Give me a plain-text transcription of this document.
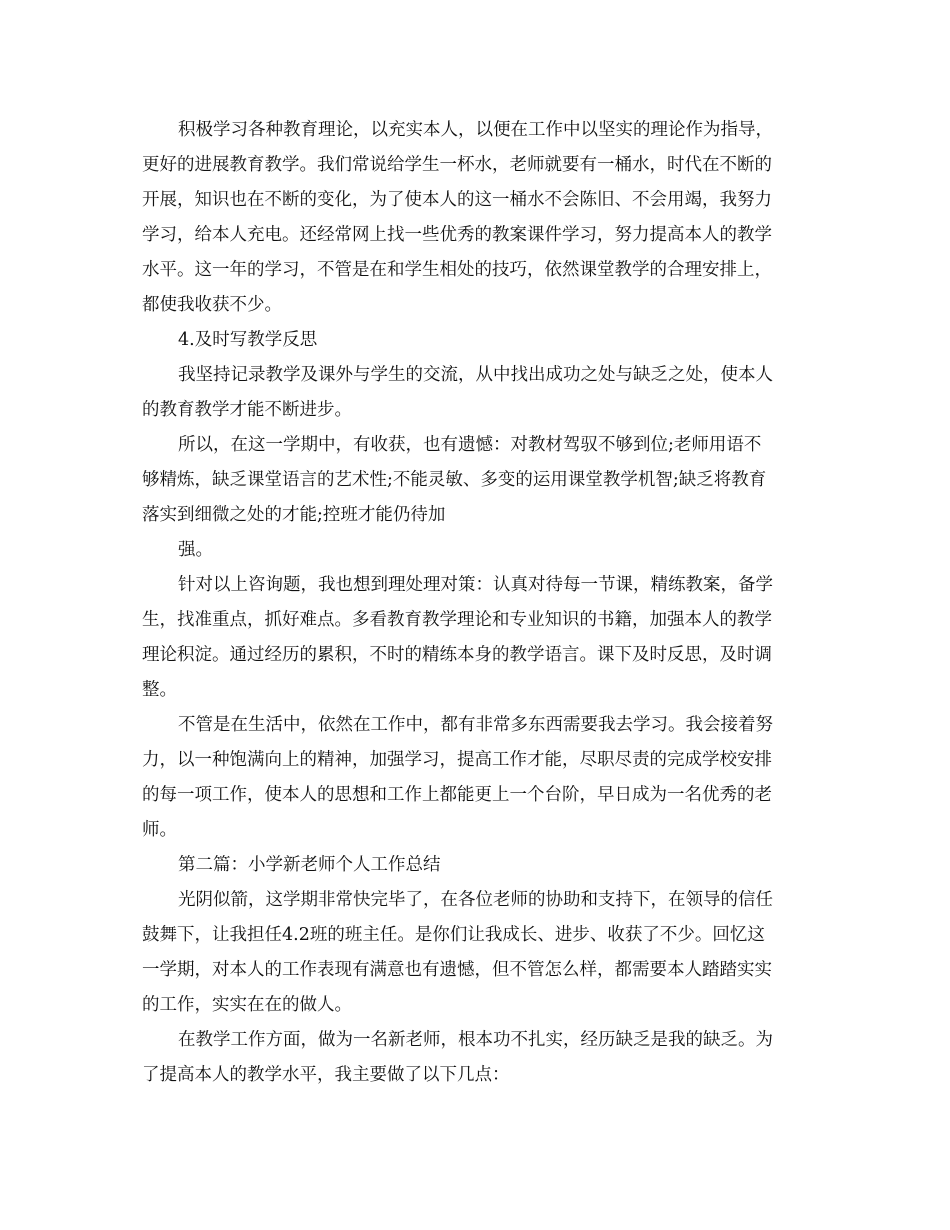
积极学习各种教育理论，以充实本人，以便在工作中以坚实的理论作为指导，

更好的进展教育教学。我们常说给学生一杯水，老师就要有一桶水，时代在不断的

开展，知识也在不断的变化，为了使本人的这一桶水不会陈旧、不会用竭，我努力

学习，给本人充电。还经常网上找一些优秀的教案课件学习，努力提高本人的教学

水平。这一年的学习，不管是在和学生相处的技巧，依然课堂教学的合理安排上，

都使我收获不少。

4.及时写教学反思

我坚持记录教学及课外与学生的交流，从中找出成功之处与缺乏之处，使本人

的教育教学才能不断进步。

所以，在这一学期中，有收获，也有遗憾：对教材驾驭不够到位;老师用语不

够精炼，缺乏课堂语言的艺术性;不能灵敏、多变的运用课堂教学机智;缺乏将教育

落实到细微之处的才能;控班才能仍待加

强。

针对以上咨询题，我也想到理处理对策：认真对待每一节课，精练教案，备学

生，找准重点，抓好难点。多看教育教学理论和专业知识的书籍，加强本人的教学

理论积淀。通过经历的累积，不时的精练本身的教学语言。课下及时反思，及时调

整。

不管是在生活中，依然在工作中，都有非常多东西需要我去学习。我会接着努

力，以一种饱满向上的精神，加强学习，提高工作才能，尽职尽责的完成学校安排

的每一项工作，使本人的思想和工作上都能更上一个台阶，早日成为一名优秀的老

师。

第二篇：小学新老师个人工作总结

光阴似箭，这学期非常快完毕了，在各位老师的协助和支持下，在领导的信任

鼓舞下，让我担任4.2班的班主任。是你们让我成长、进步、收获了不少。回忆这

一学期，对本人的工作表现有满意也有遗憾，但不管怎么样，都需要本人踏踏实实

的工作，实实在在的做人。

在教学工作方面，做为一名新老师，根本功不扎实，经历缺乏是我的缺乏。为

了提高本人的教学水平，我主要做了以下几点：
